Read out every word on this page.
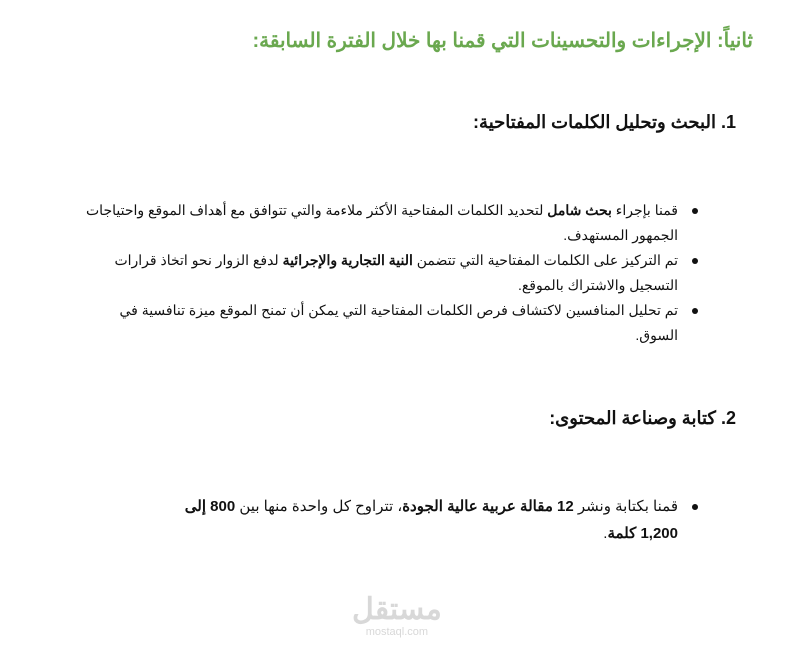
ثانياً: الإجراءات والتحسينات التي قمنا بها خلال الفترة السابقة:
1. البحث وتحليل الكلمات المفتاحية:
قمنا بإجراء بحث شامل لتحديد الكلمات المفتاحية الأكثر ملاءمة والتي تتوافق مع أهداف الموقع واحتياجات الجمهور المستهدف.
تم التركيز على الكلمات المفتاحية التي تتضمن النية التجارية والإجرائية لدفع الزوار نحو اتخاذ قرارات التسجيل والاشتراك بالموقع.
تم تحليل المنافسين لاكتشاف فرص الكلمات المفتاحية التي يمكن أن تمنح الموقع ميزة تنافسية في السوق.
2. كتابة وصناعة المحتوى:
قمنا بكتابة ونشر 12 مقالة عربية عالية الجودة، تتراوح كل واحدة منها بين 800 إلى 1,200 كلمة.
مستقل
mostaql.com
